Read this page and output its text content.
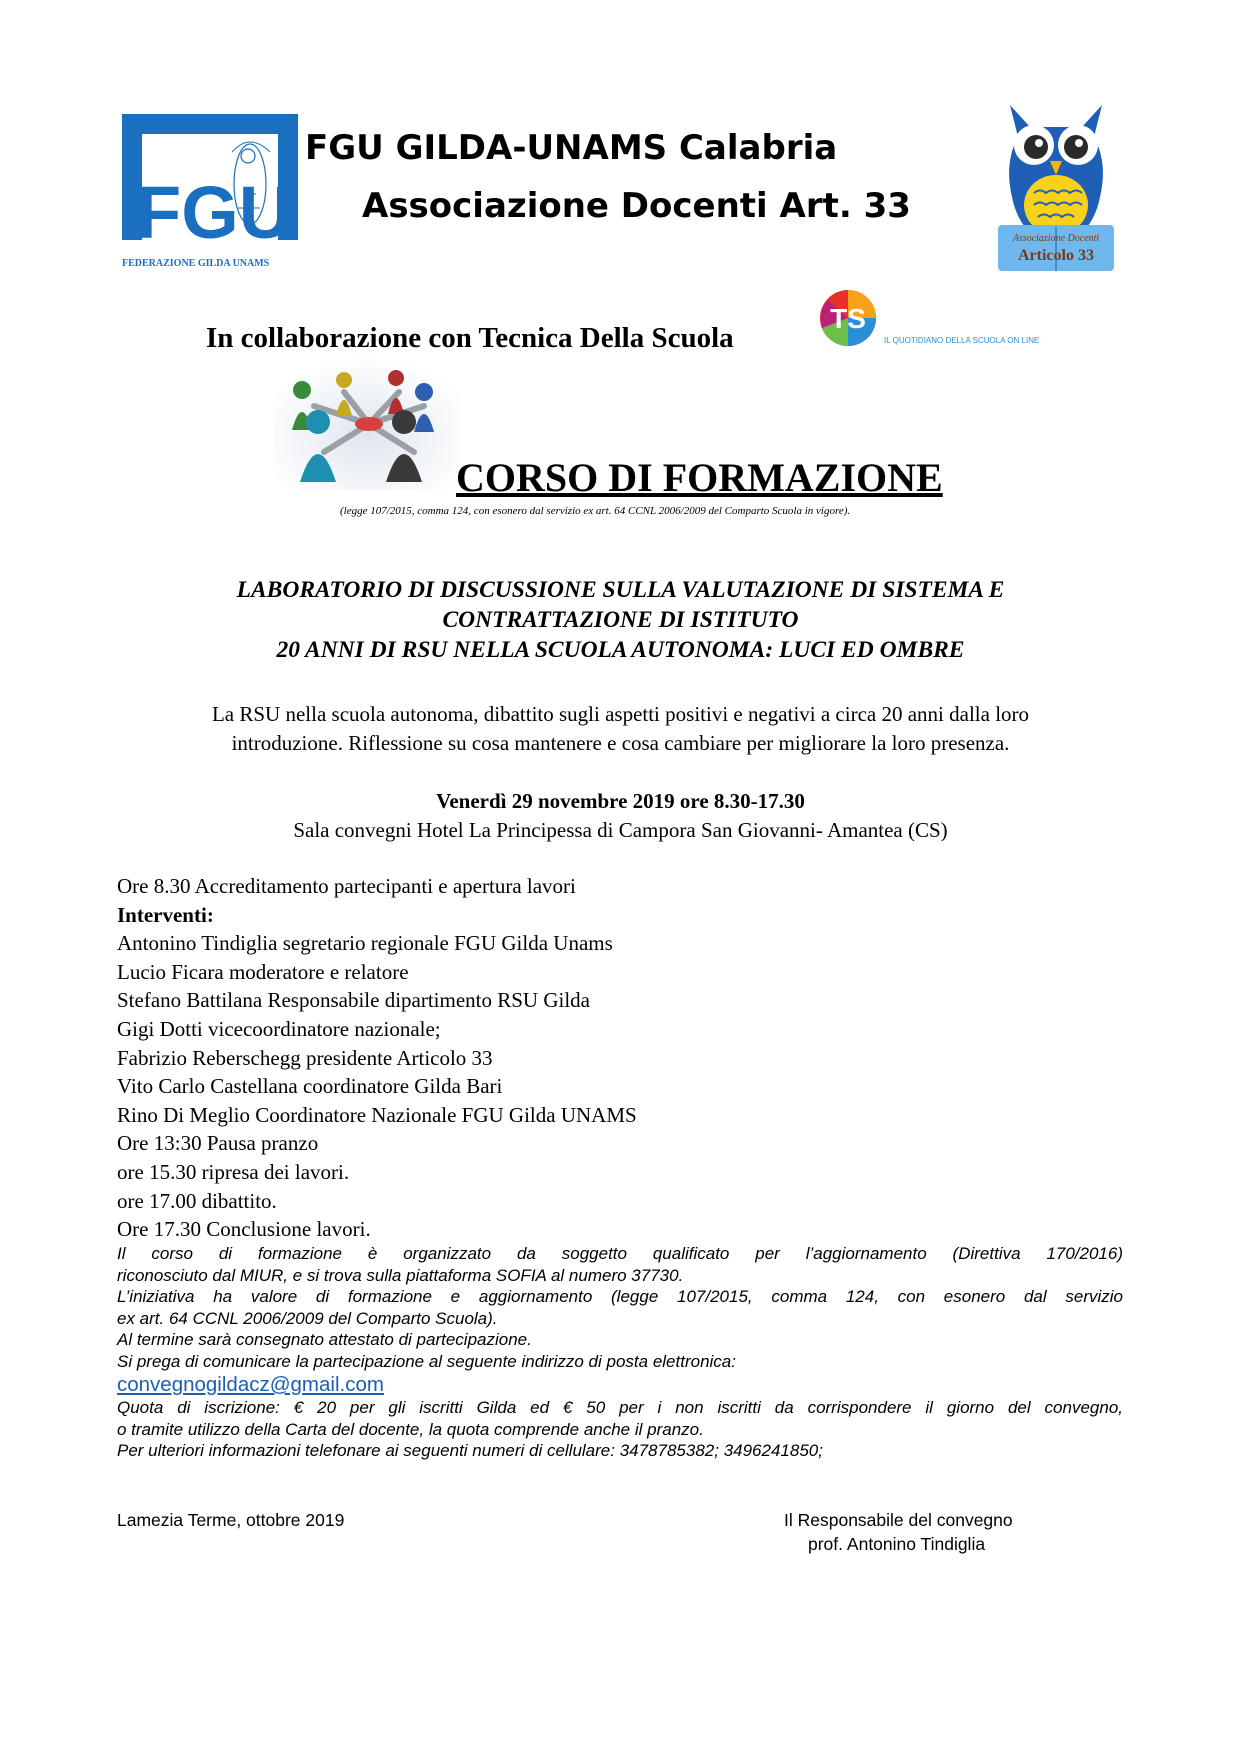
FGU
FEDERAZIONE GILDA UNAMS
FGU GILDA-UNAMS Calabria
Associazione Docenti Art. 33
Associazione Docenti
Articolo 33
In collaborazione con Tecnica Della Scuola
TS
IL QUOTIDIANO DELLA SCUOLA ON LINE
CORSO DI FORMAZIONE
(legge 107/2015, comma 124, con esonero dal servizio ex art. 64 CCNL 2006/2009 del Comparto Scuola in vigore).
LABORATORIO DI DISCUSSIONE SULLA VALUTAZIONE DI SISTEMA E
CONTRATTAZIONE DI ISTITUTO
20 ANNI DI RSU NELLA SCUOLA AUTONOMA: LUCI ED OMBRE
La RSU nella scuola autonoma, dibattito sugli aspetti positivi e negativi a circa 20 anni dalla loro
introduzione. Riflessione su cosa mantenere e cosa cambiare per migliorare la loro presenza.
Venerdì 29 novembre 2019 ore 8.30-17.30
Sala convegni Hotel La Principessa di Campora San Giovanni- Amantea (CS)
Ore 8.30 Accreditamento partecipanti e apertura lavori
Interventi:
Antonino Tindiglia segretario regionale FGU Gilda Unams
Lucio Ficara moderatore e relatore
Stefano Battilana Responsabile dipartimento RSU Gilda
Gigi Dotti vicecoordinatore nazionale;
Fabrizio Reberschegg presidente Articolo 33
Vito Carlo Castellana coordinatore Gilda Bari
Rino Di Meglio Coordinatore Nazionale FGU Gilda UNAMS
Ore 13:30 Pausa pranzo
ore 15.30 ripresa dei lavori.
ore 17.00 dibattito.
Ore 17.30 Conclusione lavori.
Il corso di formazione è organizzato da soggetto qualificato per l’aggiornamento (Direttiva 170/2016)
riconosciuto dal MIUR, e si trova sulla piattaforma SOFIA al numero 37730.
L’iniziativa ha valore di formazione e aggiornamento (legge 107/2015, comma 124, con esonero dal servizio
ex art. 64 CCNL 2006/2009 del Comparto Scuola).
Al termine sarà consegnato attestato di partecipazione.
Si prega di comunicare la partecipazione al seguente indirizzo di posta elettronica:
convegnogildacz@gmail.com
Quota di iscrizione: € 20 per gli iscritti Gilda ed € 50 per i non iscritti da corrispondere il giorno del convegno,
o tramite utilizzo della Carta del docente, la quota comprende anche il pranzo.
Per ulteriori informazioni telefonare ai seguenti numeri di cellulare: 3478785382; 3496241850;
Lamezia Terme, ottobre 2019	Il Responsabile del convegno
prof. Antonino Tindiglia
